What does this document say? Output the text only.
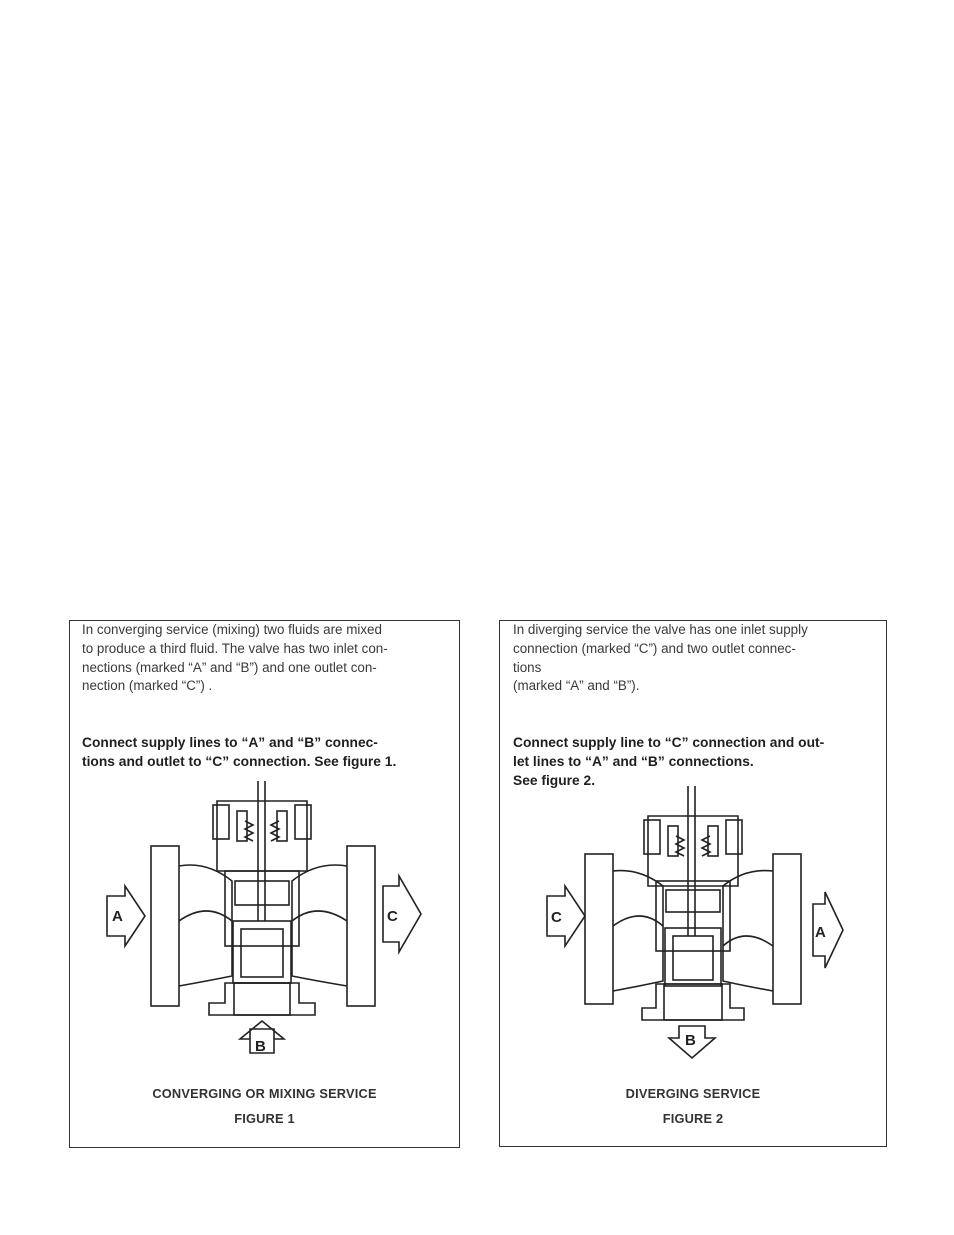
In converging service (mixing) two fluids are mixed
to produce a third fluid. The valve has two inlet con-
nections (marked “A” and “B”) and one outlet con-
nection (marked “C”) .

Connect supply lines to “A” and “B” connec-
tions and outlet to “C” connection. See figure 1.

A	C
B
CONVERGING OR MIXING SERVICE
FIGURE 1

In diverging service the valve has one inlet supply
connection (marked “C”) and two outlet connec-
tions
(marked “A” and “B”).

Connect supply line to “C” connection and out-
let lines to “A” and “B” connections.
See figure 2.

C
A
B
DIVERGING SERVICE
FIGURE 2
